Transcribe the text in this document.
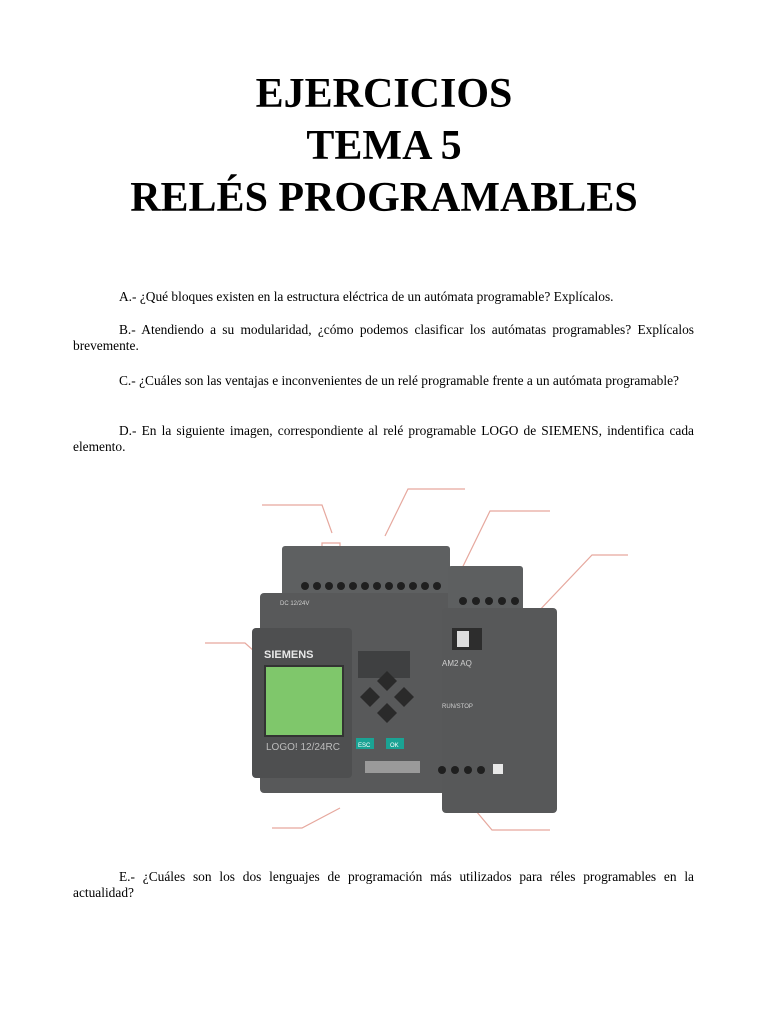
EJERCICIOS
TEMA 5
RELÉS PROGRAMABLES

A.- ¿Qué bloques existen en la estructura eléctrica de un autómata programable? Explícalos.

B.- Atendiendo a su modularidad, ¿cómo podemos clasificar los autómatas programables? Explícalos brevemente.

C.- ¿Cuáles son las ventajas e inconvenientes de un relé programable frente a un autómata programable?

D.- En la siguiente imagen, correspondiente al relé programable LOGO de SIEMENS, indentifica cada elemento.

SIEMENS
LOGO! 12/24RC
DC 12/24V
ESC	OK
AM2 AQ
RUN/STOP

E.- ¿Cuáles son los dos lenguajes de programación más utilizados para réles programables en la actualidad?
